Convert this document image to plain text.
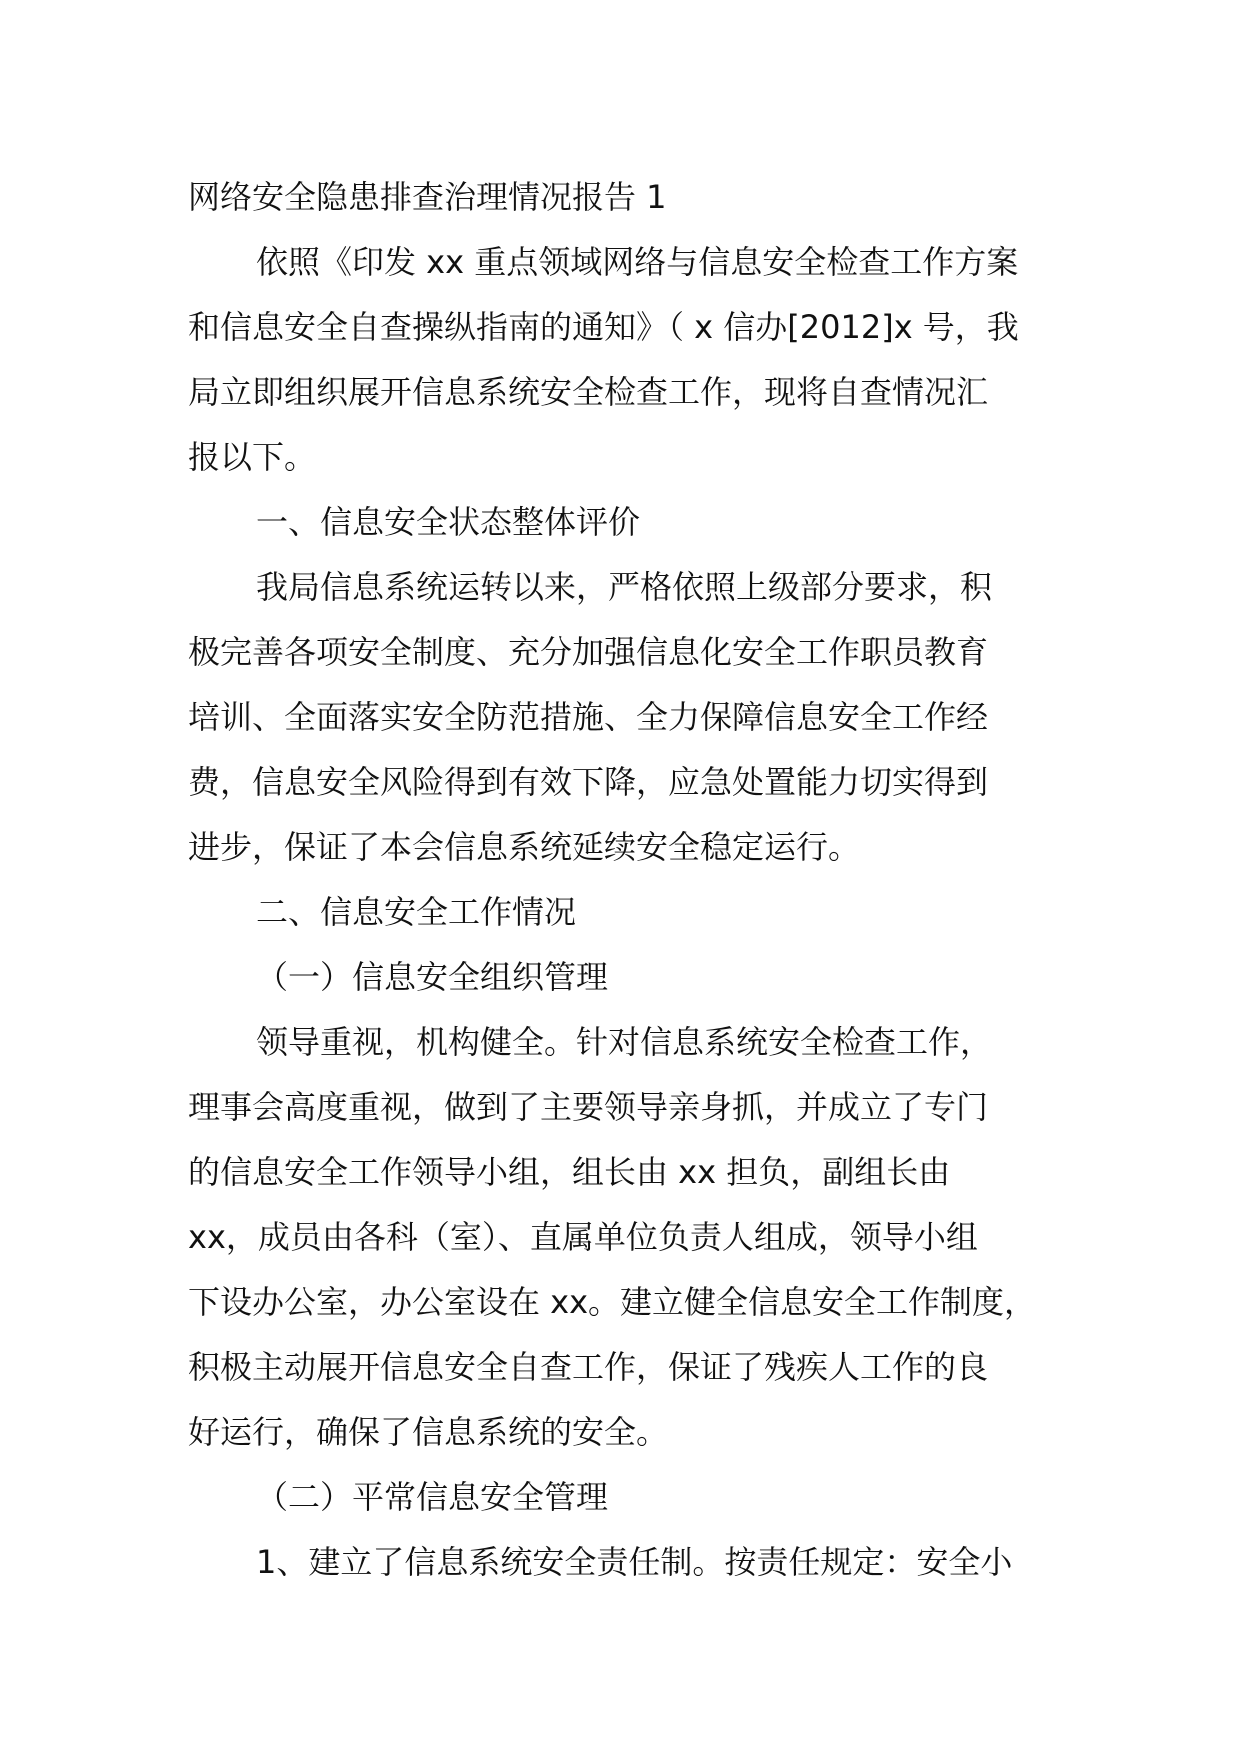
网络安全隐患排查治理情况报告 1
依照《印发 xx 重点领域网络与信息安全检查工作方案
和信息安全自查操纵指南的通知》（ x 信办[2012]x 号，我
局立即组织展开信息系统安全检查工作，现将自查情况汇
报以下。
一、信息安全状态整体评价
我局信息系统运转以来，严格依照上级部分要求，积
极完善各项安全制度、充分加强信息化安全工作职员教育
培训、全面落实安全防范措施、全力保障信息安全工作经
费，信息安全风险得到有效下降，应急处置能力切实得到
进步，保证了本会信息系统延续安全稳定运行。
二、信息安全工作情况
（一）信息安全组织管理
领导重视，机构健全。针对信息系统安全检查工作，
理事会高度重视，做到了主要领导亲身抓，并成立了专门
的信息安全工作领导小组，组长由 xx 担负，副组长由
xx，成员由各科（室）、直属单位负责人组成，领导小组
下设办公室，办公室设在 xx。建立健全信息安全工作制度，
积极主动展开信息安全自查工作，保证了残疾人工作的良
好运行，确保了信息系统的安全。
（二）平常信息安全管理
1、建立了信息系统安全责任制。按责任规定：安全小
